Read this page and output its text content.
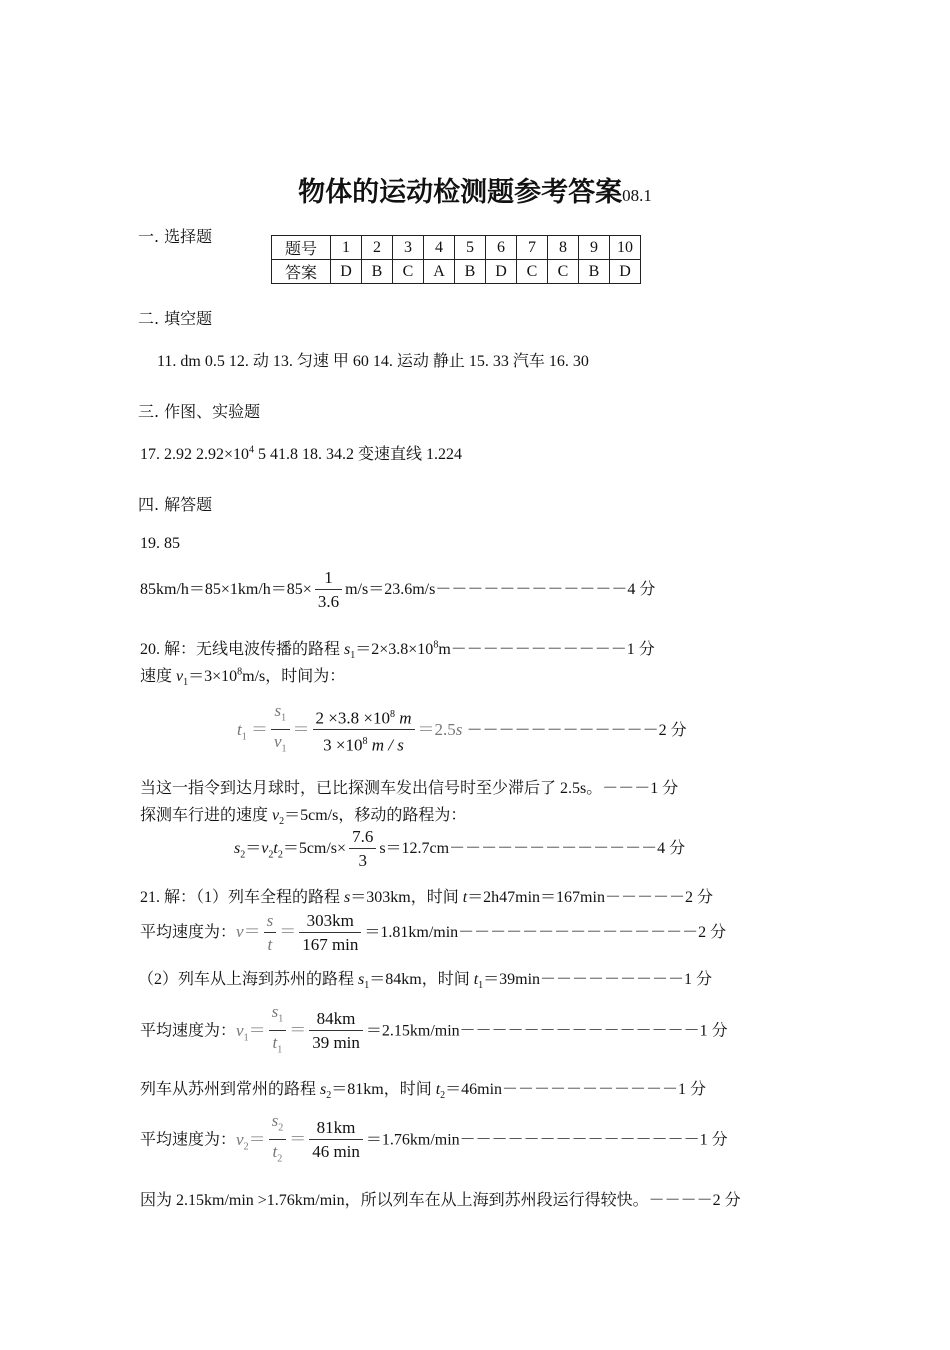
物体的运动检测题参考答案08.1
一. 选择题
题号	1	2	3	4	5	6	7	8	9	10
答案	D	B	C	A	B	D	C	C	B	D
二. 填空题
11. dm 0.5 12. 动 13. 匀速 甲 60 14. 运动 静止 15. 33 汽车 16. 30
三. 作图、实验题
17. 2.92 $2.92\times 10^4$ 5 41.8 18. 34.2 变速直线 1.224
四. 解答题
19. 85
$85km/h=85\times 1km/h=85\times \frac{1}{3.6} m/s=23.6m/s------------4$ 分
20. 解：无线电波传播的路程 $s_1=2\times 3.8\times 10^8m-----------1$ 分
速度 $v_1=3\times 10^8m/s$，时间为：
$t_1 = \frac{s_1}{v_1} = \frac{2 \times 3.8 \times 10^8 m}{3 \times 10^8 m / s} =2.5s ------------2$ 分
当这一指令到达月球时，已比探测车发出信号时至少滞后了 2.5s。－－－1 分
探测车行进的速度 $v_2=5cm/s$，移动的路程为：
$s_2=v_2t_2=5cm/s\times \frac{7.6}{3} s=12.7cm-------------4$ 分
21. 解：（1）列车全程的路程 s＝303km，时间 t＝2h47min＝167min－－－－－2 分
平均速度为：$v= \frac{s}{t} = \frac{303km}{167 \min} =1.81km/\min---------------2$ 分
（2）列车从上海到苏州的路程 $s_1=84km$，时间 $t_1=39\min---------1$ 分
平均速度为：$v_1= \frac{s_1}{t_1} = \frac{84km}{39 \min} =2.15km/\min---------------1$ 分
列车从苏州到常州的路程 $s_2=81km$，时间 $t_2=46\min-----------1$ 分
平均速度为：$v_2= \frac{s_2}{t_2} = \frac{81km}{46 \min} =1.76km/\min---------------1$ 分
因为 2.15km/min >1.76km/min，所以列车在从上海到苏州段运行得较快。－－－－2 分
